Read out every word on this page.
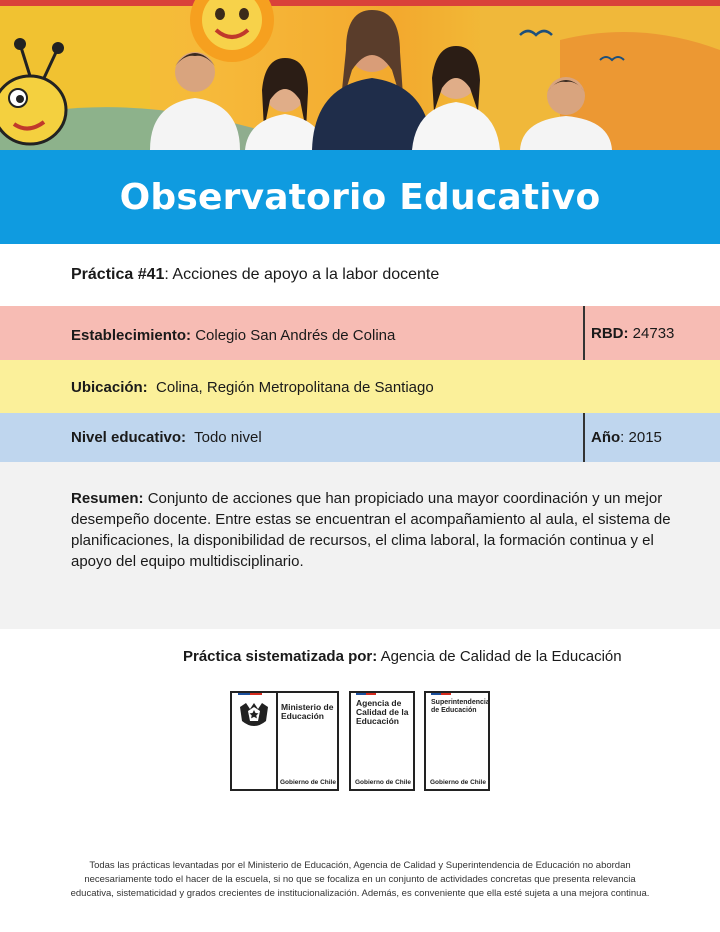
Observatorio Educativo
Práctica #41: Acciones de apoyo a la labor docente
Establecimiento: Colegio San Andrés de Colina	RBD: 24733
Ubicación:  Colina, Región Metropolitana de Santiago
Nivel educativo:  Todo nivel	Año: 2015

Resumen: Conjunto de acciones que han propiciado una mayor coordinación y un mejor desempeño docente. Entre estas se encuentran el acompañamiento al aula, el sistema de planificaciones, la disponibilidad de recursos, el clima laboral, la formación continua y el apoyo del equipo multidisciplinario.

Práctica sistematizada por: Agencia de Calidad de la Educación
Ministerio de Educación
Gobierno de Chile
Agencia de Calidad de la Educación
Gobierno de Chile
Superintendencia de Educación
Gobierno de Chile
Todas las prácticas levantadas por el Ministerio de Educación, Agencia de Calidad y Superintendencia de Educación no abordan
necesariamente todo el hacer de la escuela, si no que se focaliza en un conjunto de actividades concretas que presenta relevancia
educativa, sistematicidad y grados crecientes de institucionalización. Además, es conveniente que ella esté sujeta a una mejora continua.
